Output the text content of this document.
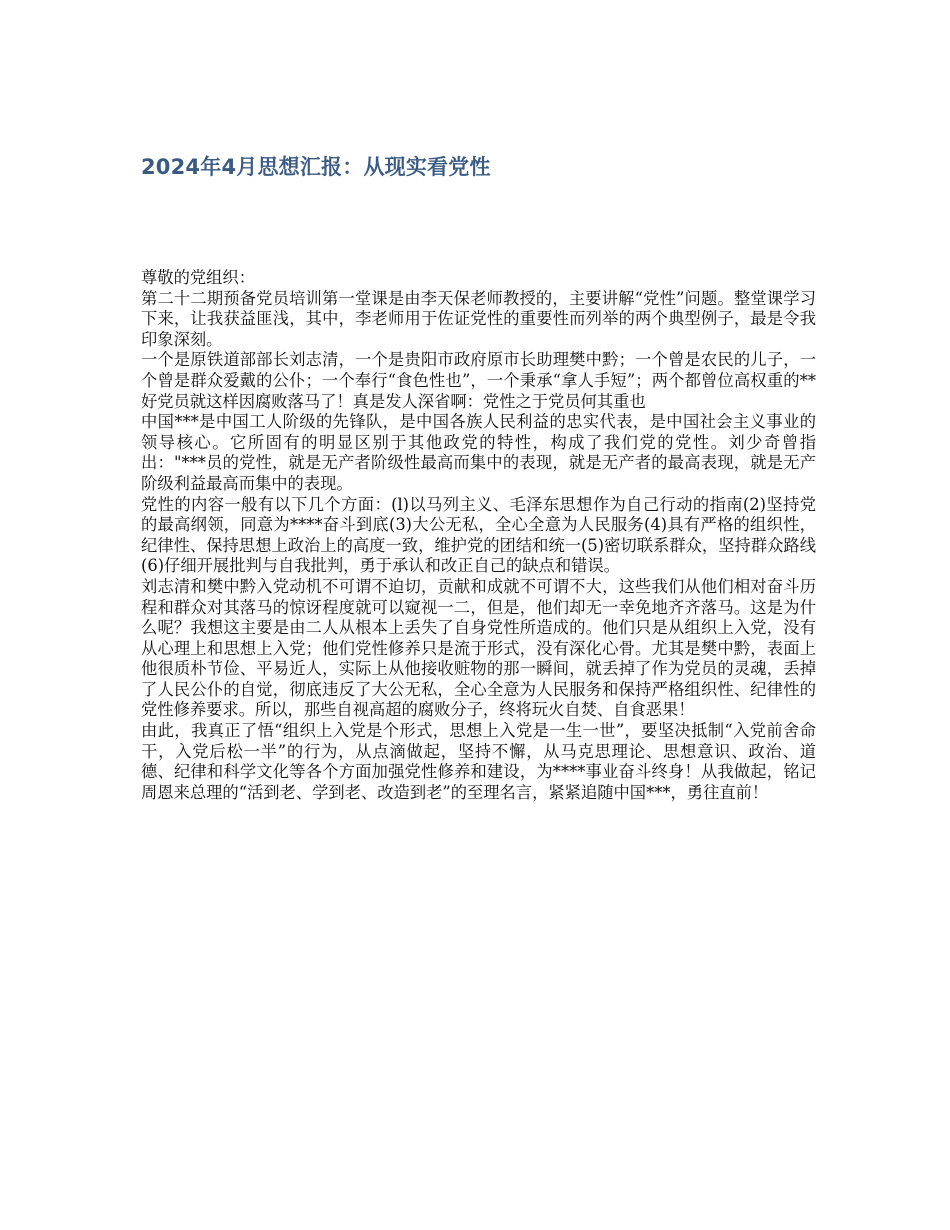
2024年4月思想汇报：从现实看党性

尊敬的党组织：

第二十二期预备党员培训第一堂课是由李天保老师教授的，主要讲解“党性”问题。整堂课学习下来，让我获益匪浅，其中，李老师用于佐证党性的重要性而列举的两个典型例子，最是令我印象深刻。

一个是原铁道部部长刘志清，一个是贵阳市政府原市长助理樊中黔；一个曾是农民的儿子，一个曾是群众爱戴的公仆；一个奉行“食色性也”，一个秉承“拿人手短”；两个都曾位高权重的**好党员就这样因腐败落马了！真是发人深省啊：党性之于党员何其重也

中国***是中国工人阶级的先锋队，是中国各族人民利益的忠实代表，是中国社会主义事业的领导核心。它所固有的明显区别于其他政党的特性，构成了我们党的党性。刘少奇曾指出："***员的党性，就是无产者阶级性最高而集中的表现，就是无产者的最高表现，就是无产阶级利益最高而集中的表现。

党性的内容一般有以下几个方面：(l)以马列主义、毛泽东思想作为自己行动的指南(2)坚持党的最高纲领，同意为****奋斗到底(3)大公无私，全心全意为人民服务(4)具有严格的组织性，纪律性、保持思想上政治上的高度一致，维护党的团结和统一(5)密切联系群众，坚持群众路线(6)仔细开展批判与自我批判，勇于承认和改正自己的缺点和错误。

刘志清和樊中黔入党动机不可谓不迫切，贡献和成就不可谓不大，这些我们从他们相对奋斗历程和群众对其落马的惊讶程度就可以窥视一二，但是，他们却无一幸免地齐齐落马。这是为什么呢？我想这主要是由二人从根本上丢失了自身党性所造成的。他们只是从组织上入党，没有从心理上和思想上入党；他们党性修养只是流于形式，没有深化心骨。尤其是樊中黔，表面上他很质朴节俭、平易近人，实际上从他接收赃物的那一瞬间，就丢掉了作为党员的灵魂，丢掉了人民公仆的自觉，彻底违反了大公无私，全心全意为人民服务和保持严格组织性、纪律性的党性修养要求。所以，那些自视高超的腐败分子，终将玩火自焚、自食恶果！

由此，我真正了悟“组织上入党是个形式，思想上入党是一生一世”，要坚决抵制“入党前舍命干，入党后松一半”的行为，从点滴做起，坚持不懈，从马克思理论、思想意识、政治、道德、纪律和科学文化等各个方面加强党性修养和建设，为****事业奋斗终身！从我做起，铭记周恩来总理的“活到老、学到老、改造到老”的至理名言，紧紧追随中国***，勇往直前！
